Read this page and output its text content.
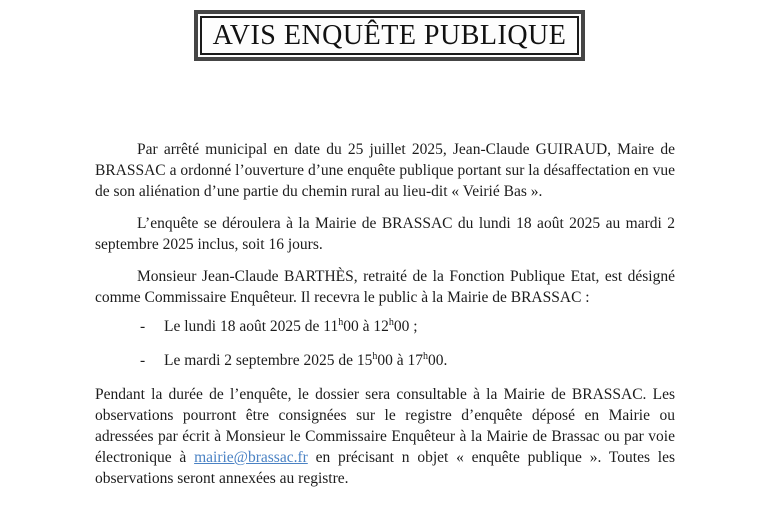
AVIS ENQUÊTE PUBLIQUE

Par arrêté municipal en date du 25 juillet 2025, Jean-Claude GUIRAUD, Maire de BRASSAC a ordonné l’ouverture d’une enquête publique portant sur la désaffectation en vue de son aliénation d’une partie du chemin rural au lieu-dit « Veirié Bas ».

L’enquête se déroulera à la Mairie de BRASSAC du lundi 18 août 2025 au mardi 2 septembre 2025 inclus, soit 16 jours.

Monsieur Jean-Claude BARTHÈS, retraité de la Fonction Publique Etat, est désigné comme Commissaire Enquêteur. Il recevra le public à la Mairie de BRASSAC :

-	Le lundi 18 août 2025 de 11$^h$00 à 12$^h$00 ;
-	Le mardi 2 septembre 2025 de 15$^h$00 à 17$^h$00.

Pendant la durée de l’enquête, le dossier sera consultable à la Mairie de BRASSAC. Les observations pourront être consignées sur le registre d’enquête déposé en Mairie ou adressées par écrit à Monsieur le Commissaire Enquêteur à la Mairie de Brassac ou par voie électronique à mairie@brassac.fr en précisant n objet « enquête publique ». Toutes les observations seront annexées au registre.
